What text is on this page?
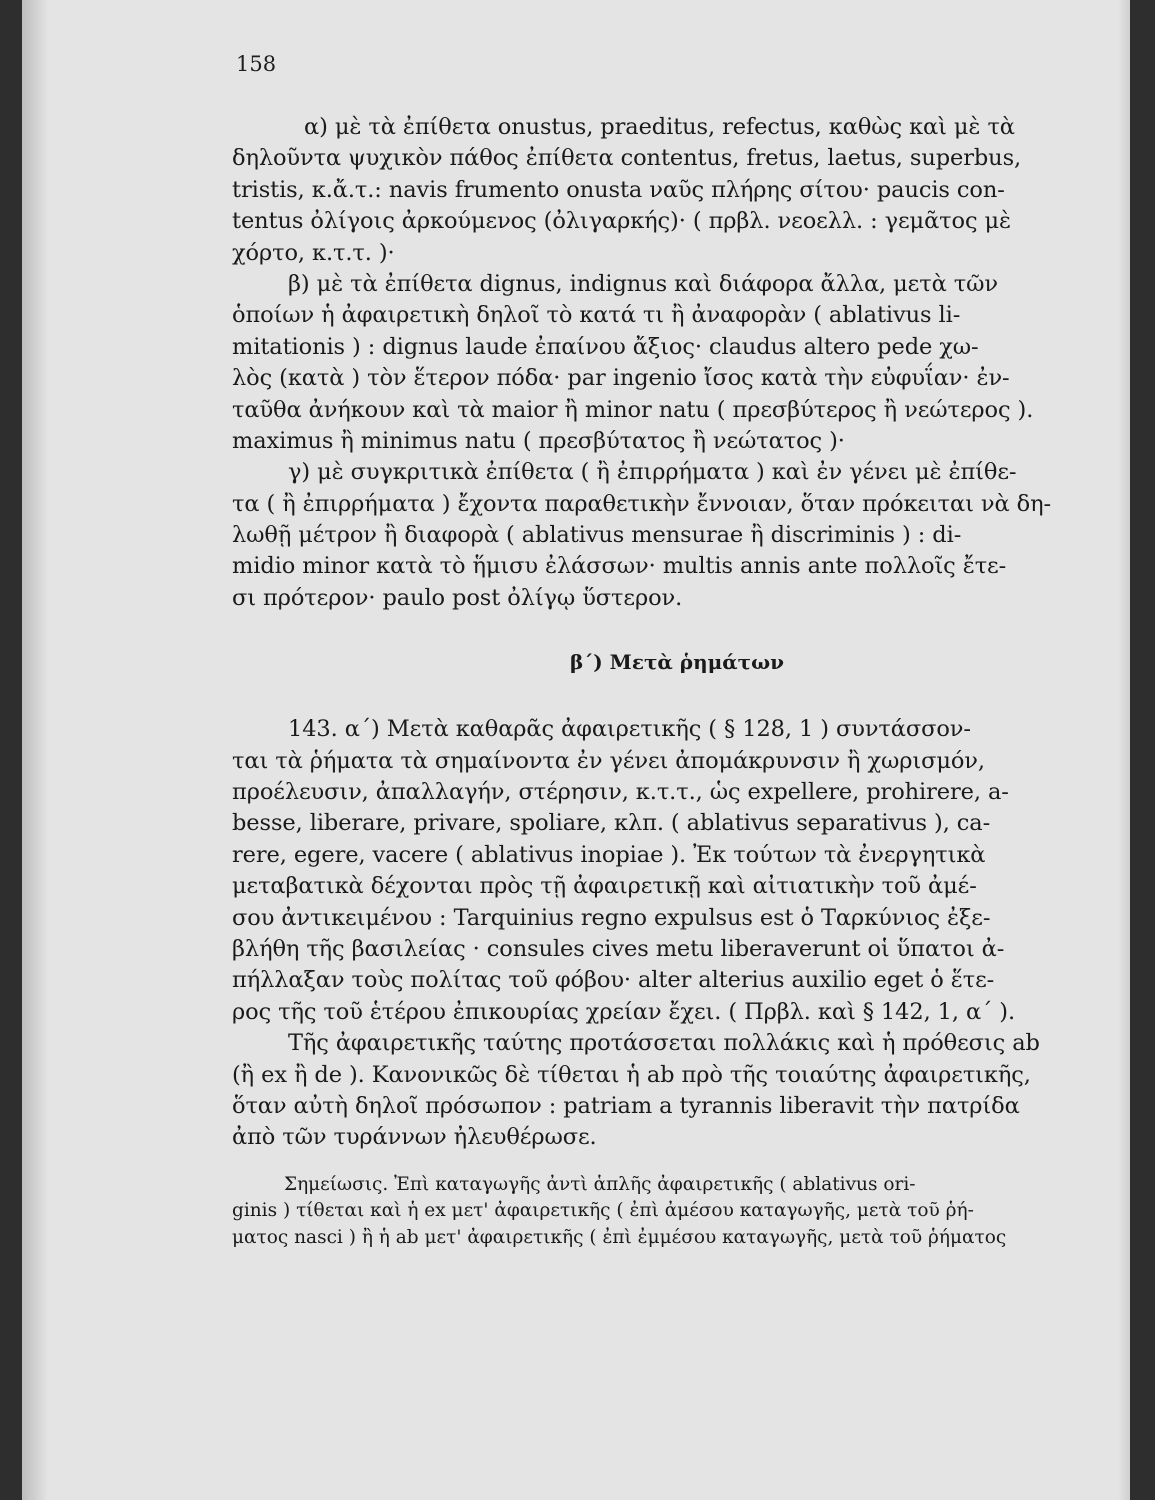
158
α) μὲ τὰ ἐπίθετα onustus, praeditus, refectus, καθὼς καὶ μὲ τὰ
δηλοῦντα ψυχικὸν πάθος ἐπίθετα contentus, fretus, laetus, superbus,
tristis, κ.ἄ.τ.: navis frumento onusta ναῦς πλήρης σίτου· paucis con-
tentus ὀλίγοις ἀρκούμενος (ὀλιγαρκής)· ( πρβλ. νεοελλ. : γεμᾶτος μὲ
χόρτο, κ.τ.τ. )·
β) μὲ τὰ ἐπίθετα dignus, indignus καὶ διάφορα ἄλλα, μετὰ τῶν
ὁποίων ἡ ἀφαιρετικὴ δηλοῖ τὸ κατά τι ἢ ἀναφορὰν ( ablativus li-
mitationis ) : dignus laude ἐπαίνου ἄξιος· claudus altero pede χω-
λὸς (κατὰ ) τὸν ἕτερον πόδα· par ingenio ἴσος κατὰ τὴν εὐφυΐαν· ἐν-
ταῦθα ἀνήκουν καὶ τὰ maior ἢ minor natu ( πρεσβύτερος ἢ νεώτερος ).
maximus ἢ minimus natu ( πρεσβύτατος ἢ νεώτατος )·
γ) μὲ συγκριτικὰ ἐπίθετα ( ἢ ἐπιρρήματα ) καὶ ἐν γένει μὲ ἐπίθε-
τα ( ἢ ἐπιρρήματα ) ἔχοντα παραθετικὴν ἔννοιαν, ὅταν πρόκειται νὰ δη-
λωθῇ μέτρον ἢ διαφορὰ ( ablativus mensurae ἢ discriminis ) : di-
midio minor κατὰ τὸ ἥμισυ ἐλάσσων· multis annis ante πολλοῖς ἔτε-
σι πρότερον· paulo post ὀλίγῳ ὕστερον.
β΄) Μετὰ ῥημάτων
143. α΄) Μετὰ καθαρᾶς ἀφαιρετικῆς ( § 128, 1 ) συντάσσον-
ται τὰ ῥήματα τὰ σημαίνοντα ἐν γένει ἀπομάκρυνσιν ἢ χωρισμόν,
προέλευσιν, ἀπαλλαγήν, στέρησιν, κ.τ.τ., ὡς expellere, prohirere, a-
besse, liberare, privare, spoliare, κλπ. ( ablativus separativus ), ca-
rere, egere, vacere ( ablativus inopiae ). Ἐκ τούτων τὰ ἐνεργητικὰ
μεταβατικὰ δέχονται πρὸς τῇ ἀφαιρετικῇ καὶ αἰτιατικὴν τοῦ ἀμέ-
σου ἀντικειμένου : Tarquinius regno expulsus est ὁ Ταρκύνιος ἐξε-
βλήθη τῆς βασιλείας · consules cives metu liberaverunt οἱ ὕπατοι ἀ-
πήλλαξαν τοὺς πολίτας τοῦ φόβου· alter alterius auxilio eget ὁ ἕτε-
ρος τῆς τοῦ ἑτέρου ἐπικουρίας χρείαν ἔχει. ( Πρβλ. καὶ § 142, 1, α΄ ).
Τῆς ἀφαιρετικῆς ταύτης προτάσσεται πολλάκις καὶ ἡ πρόθεσις ab
(ἢ ex ἢ de ). Κανονικῶς δὲ τίθεται ἡ ab πρὸ τῆς τοιαύτης ἀφαιρετικῆς,
ὅταν αὐτὴ δηλοῖ πρόσωπον : patriam a tyrannis liberavit τὴν πατρίδα
ἀπὸ τῶν τυράννων ἠλευθέρωσε.
Σημείωσις. Ἐπὶ καταγωγῆς ἀντὶ ἁπλῆς ἀφαιρετικῆς ( ablativus ori-
ginis ) τίθεται καὶ ἡ ex μετ' ἀφαιρετικῆς ( ἐπὶ ἀμέσου καταγωγῆς, μετὰ τοῦ ῥή-
ματος nasci ) ἢ ἡ ab μετ' ἀφαιρετικῆς ( ἐπὶ ἐμμέσου καταγωγῆς, μετὰ τοῦ ῥήματος
